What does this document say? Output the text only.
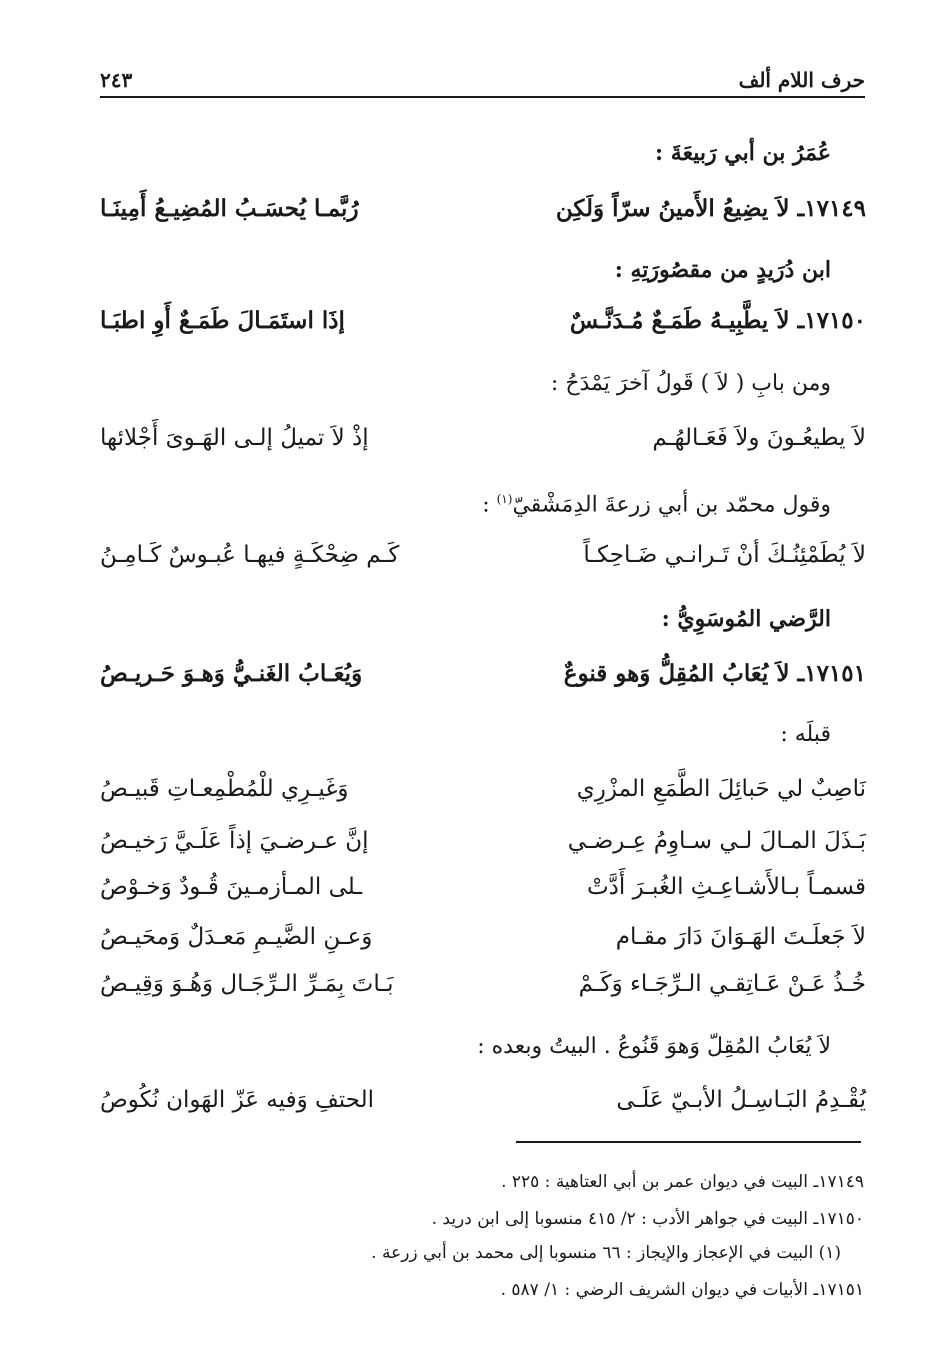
حرف اللام ألف
٢٤٣
عُمَرُ بن أبي رَبيعَةَ :
١٧١٤٩ـ لاَ يضِيعُ الأَمينُ سرّاً وَلَكِن
رُبَّمـا يُحسَـبُ المُضِيـعُ أَمِينَـا
ابن دُرَيدٍ من مقصُورَتِهِ :
١٧١٥٠ـ لاَ يطَّبِيـهُ طَمَـعٌ مُـدَنَّـسٌ
إذَا استَمَـالَ طَمَـعٌ أَوِ اطبَـا
ومن بابِ ( لاَ ) قَولُ آخرَ يَمْدَحُ :
لاَ يطيعُـونَ ولاَ فَعَـالهُـم
إذْ لاَ تميلُ إلـى الهَـوىَ أَجْلائها
وقول محمّد بن أبي زرعةَ الدِمَشْقيّ$^{(١)}$ :
لاَ يُطَمْئِنُـكَ أنْ تَـرانـي ضَـاحِكـاً
كَـم ضِحْكَـةٍ فيهـا عُبـوسٌ كَـامِـنُ
الرَّضي المُوسَوِيُّ :
١٧١٥١ـ لاَ يُعَابُ المُقِلُّ وَهو قنوعٌ
وَيُعَـابُ الغَنـيُّ وَهـوَ حَـريـصُ
قبلَه :
نَاصِبٌ لي حَبائِلَ الطَّمَعِ المزْرِي
وَغَيـرِي للْمُطْمِعـاتِ قَبيـصُ
بَـذَلَ المـالَ لـي سـاوِمُ عِـرضـي
إنَّ عـرضـيَ إذاً عَلَـيَّ رَخيـصُ
قسمـاً بـالأَشـاعِـثِ الغُبـرَ أَدَّتْ
ـلى المـأزمـينَ قُـودٌ وَخـوْصُ
لاَ جَعلَـتَ الهَـوَانَ دَارَ مقـام
وَعـنِ الضَّيـمِ مَعـدَلٌ وَمحَيـصُ
خُـذُ عَـنْ عَـاتِقـي الـرِّجَـاء وَكَـمْ
بَـاتَ بِمَـرِّ الـرِّجَـال وَهُـوَ وَقِيـصُ
لاَ يُعَابُ المُقِلّ وَهوَ قَنُوعُ . البيتُ وبعده :
يُقْـدِمُ البَـاسِـلُ الأبـيّ عَلَـى
الحتفِ وَفيه عَزّ الهَوان نُكُوصُ
١٧١٤٩ـ البيت في ديوان عمر بن أبي العتاهية : ٢٢٥ .
١٧١٥٠ـ البيت في جواهر الأدب : ٢/ ٤١٥ منسوبا إلى ابن دريد .
(١) البيت في الإعجاز والإيجاز : ٦٦ منسوبا إلى محمد بن أبي زرعة .
١٧١٥١ـ الأبيات في ديوان الشريف الرضي : ١/ ٥٨٧ .
